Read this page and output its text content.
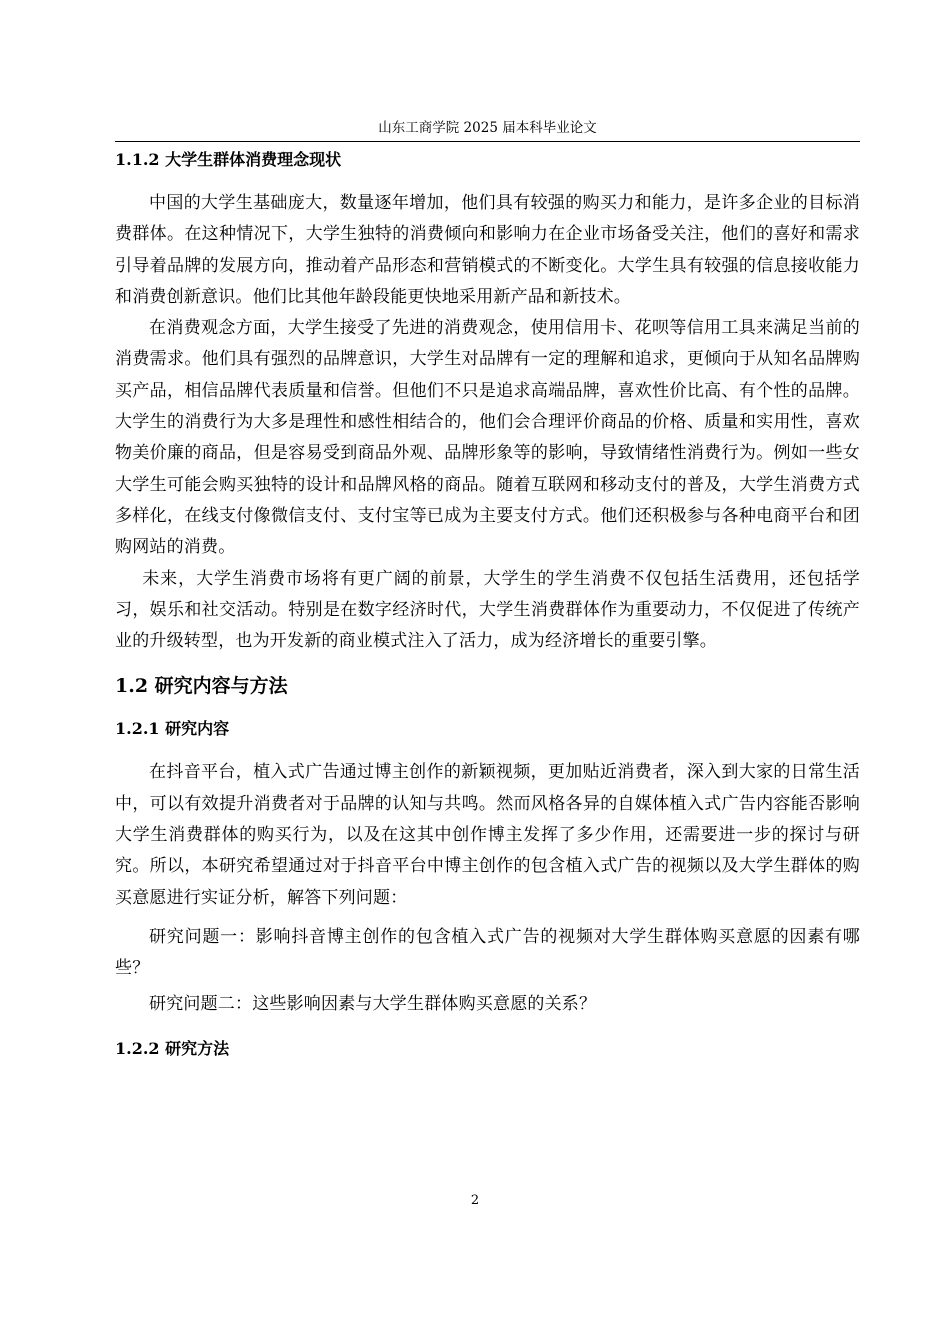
山东工商学院 2025 届本科毕业论文
1.1.2 大学生群体消费理念现状

中国的大学生基础庞大，数量逐年增加，他们具有较强的购买力和能力，是许多企业的目标消费群体。在这种情况下，大学生独特的消费倾向和影响力在企业市场备受关注，他们的喜好和需求引导着品牌的发展方向，推动着产品形态和营销模式的不断变化。大学生具有较强的信息接收能力和消费创新意识。他们比其他年龄段能更快地采用新产品和新技术。

在消费观念方面，大学生接受了先进的消费观念，使用信用卡、花呗等信用工具来满足当前的消费需求。他们具有强烈的品牌意识，大学生对品牌有一定的理解和追求，更倾向于从知名品牌购买产品，相信品牌代表质量和信誉。但他们不只是追求高端品牌，喜欢性价比高、有个性的品牌。大学生的消费行为大多是理性和感性相结合的，他们会合理评价商品的价格、质量和实用性，喜欢物美价廉的商品，但是容易受到商品外观、品牌形象等的影响，导致情绪性消费行为。例如一些女大学生可能会购买独特的设计和品牌风格的商品。随着互联网和移动支付的普及，大学生消费方式多样化，在线支付像微信支付、支付宝等已成为主要支付方式。他们还积极参与各种电商平台和团购网站的消费。

未来，大学生消费市场将有更广阔的前景，大学生的学生消费不仅包括生活费用，还包括学习，娱乐和社交活动。特别是在数字经济时代，大学生消费群体作为重要动力，不仅促进了传统产业的升级转型，也为开发新的商业模式注入了活力，成为经济增长的重要引擎。

1.2 研究内容与方法
1.2.1 研究内容

在抖音平台，植入式广告通过博主创作的新颖视频，更加贴近消费者，深入到大家的日常生活中，可以有效提升消费者对于品牌的认知与共鸣。然而风格各异的自媒体植入式广告内容能否影响大学生消费群体的购买行为，以及在这其中创作博主发挥了多少作用，还需要进一步的探讨与研究。所以，本研究希望通过对于抖音平台中博主创作的包含植入式广告的视频以及大学生群体的购买意愿进行实证分析，解答下列问题：

研究问题一：影响抖音博主创作的包含植入式广告的视频对大学生群体购买意愿的因素有哪些？

研究问题二：这些影响因素与大学生群体购买意愿的关系？

1.2.2 研究方法
2
